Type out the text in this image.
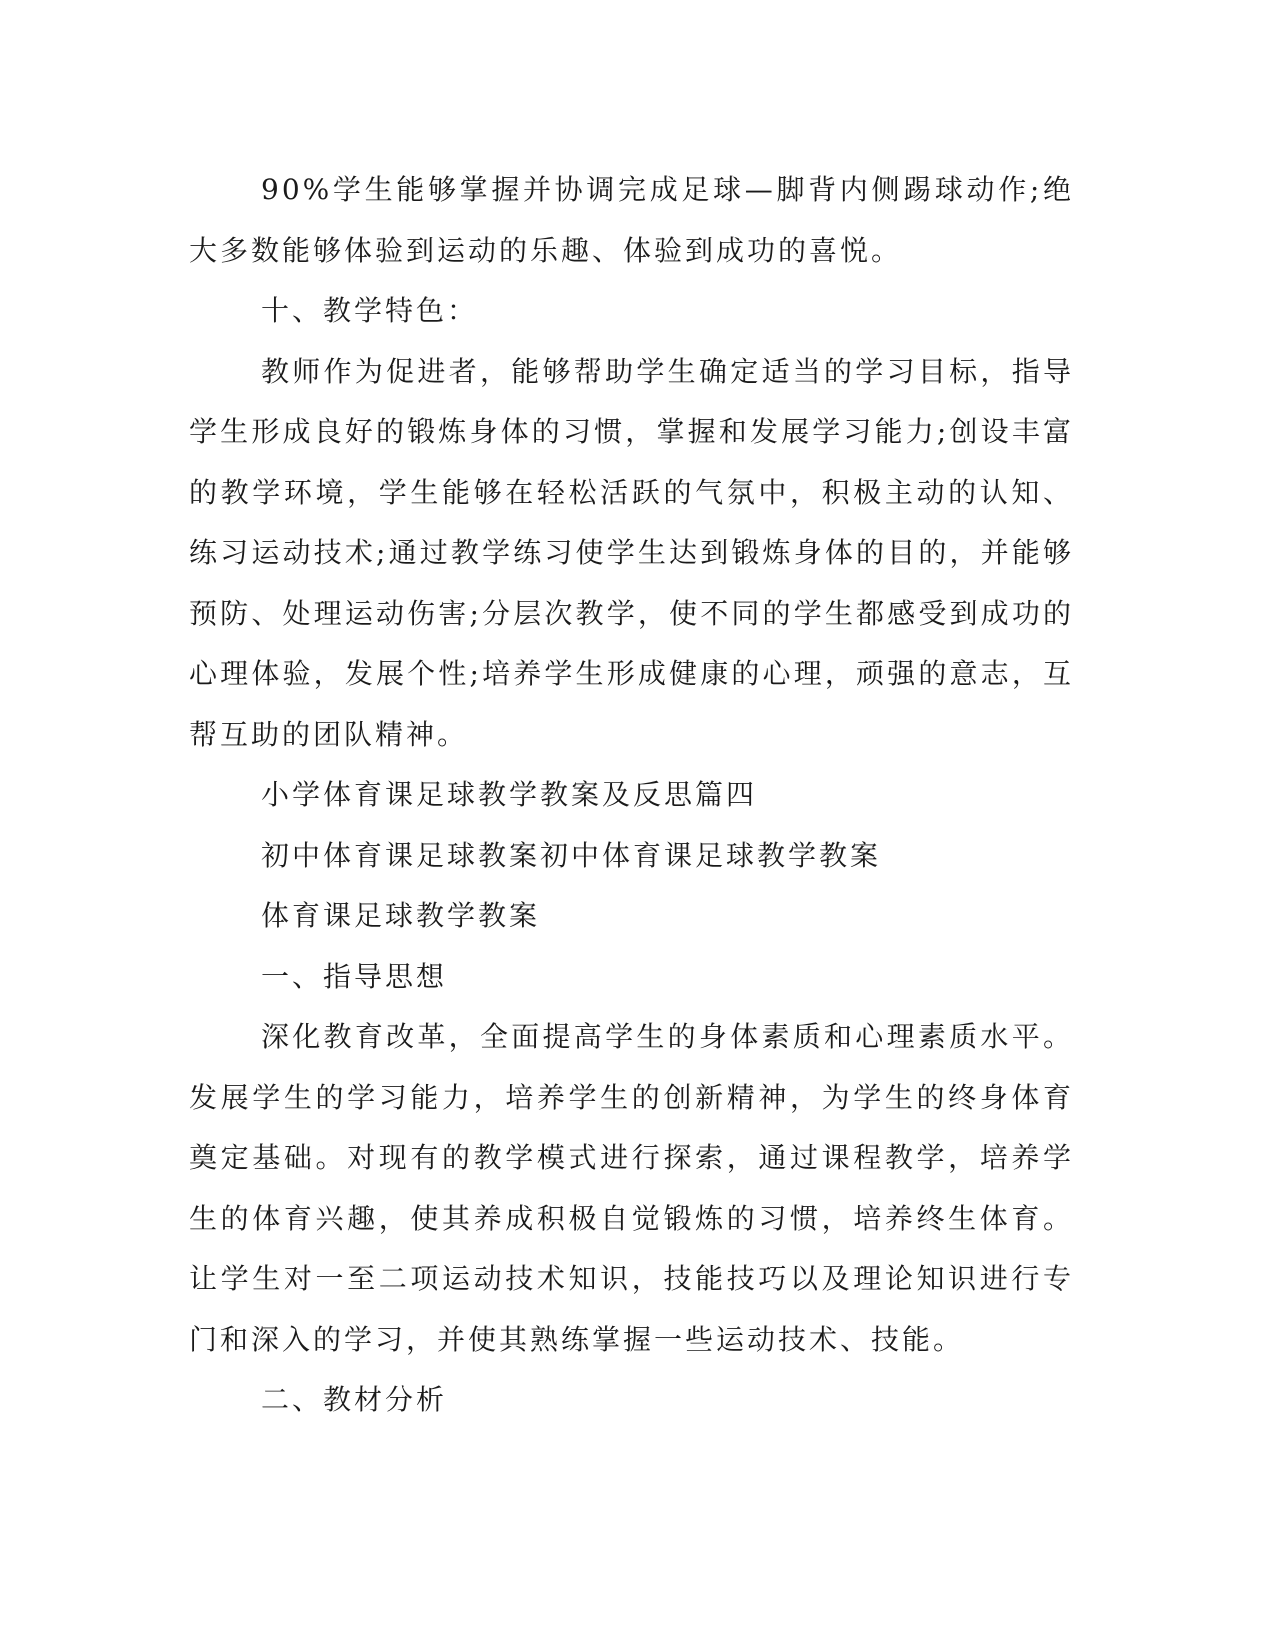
90%学生能够掌握并协调完成足球—脚背内侧踢球动作;绝大多数能够体验到运动的乐趣、体验到成功的喜悦。

十、教学特色：

教师作为促进者，能够帮助学生确定适当的学习目标，指导学生形成良好的锻炼身体的习惯，掌握和发展学习能力;创设丰富的教学环境，学生能够在轻松活跃的气氛中，积极主动的认知、练习运动技术;通过教学练习使学生达到锻炼身体的目的，并能够预防、处理运动伤害;分层次教学，使不同的学生都感受到成功的心理体验，发展个性;培养学生形成健康的心理，顽强的意志，互帮互助的团队精神。

小学体育课足球教学教案及反思篇四

初中体育课足球教案初中体育课足球教学教案

体育课足球教学教案

一、指导思想

深化教育改革，全面提高学生的身体素质和心理素质水平。发展学生的学习能力，培养学生的创新精神，为学生的终身体育奠定基础。对现有的教学模式进行探索，通过课程教学，培养学生的体育兴趣，使其养成积极自觉锻炼的习惯，培养终生体育。让学生对一至二项运动技术知识，技能技巧以及理论知识进行专门和深入的学习，并使其熟练掌握一些运动技术、技能。

二、教材分析
